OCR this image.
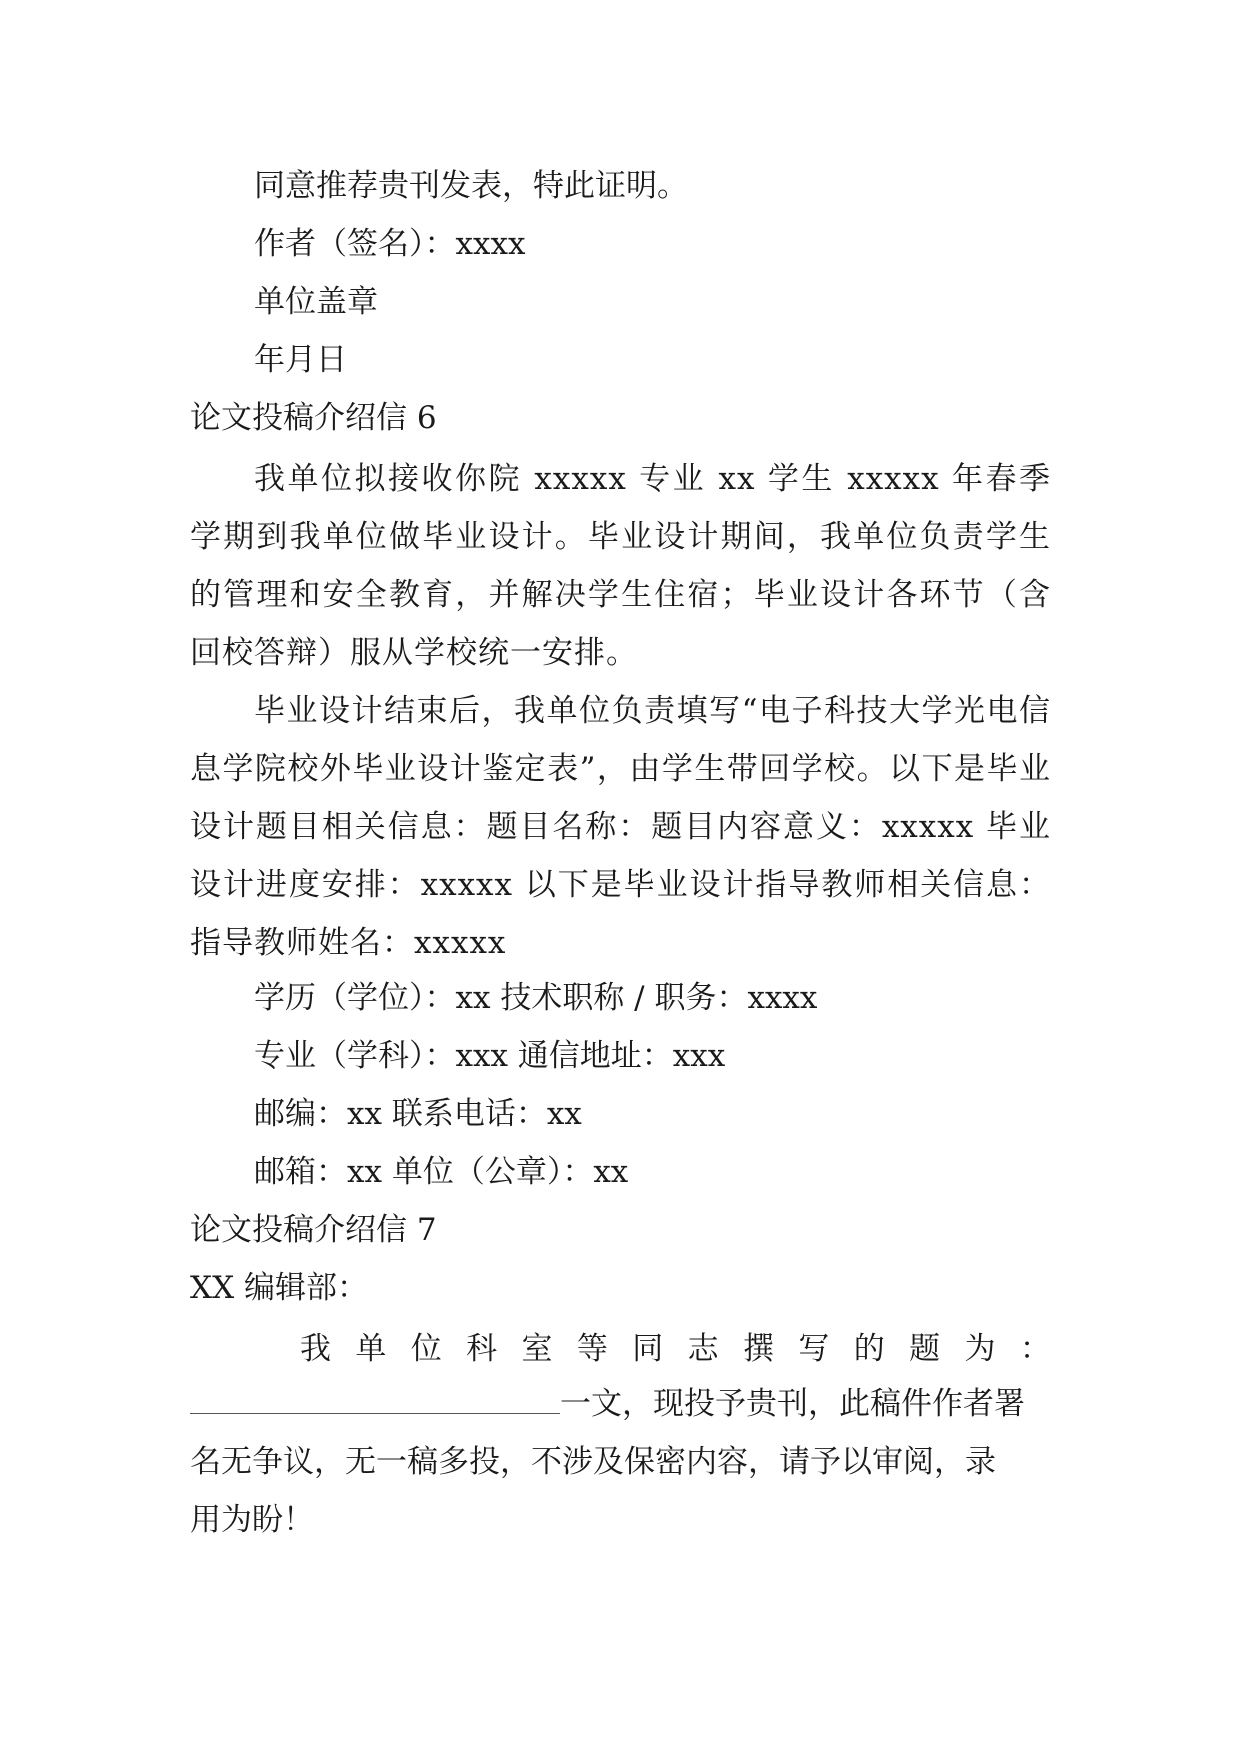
同意推荐贵刊发表，特此证明。
作者（签名）：xxxx
单位盖章
年月日
论文投稿介绍信 6

我单位拟接收你院 xxxxx 专业 xx 学生 xxxxx 年春季学期到我单位做毕业设计。毕业设计期间，我单位负责学生的管理和安全教育，并解决学生住宿；毕业设计各环节（含回校答辩）服从学校统一安排。

毕业设计结束后，我单位负责填写“电子科技大学光电信息学院校外毕业设计鉴定表”，由学生带回学校。以下是毕业设计题目相关信息：题目名称：题目内容意义：xxxxx 毕业设计进度安排：xxxxx 以下是毕业设计指导教师相关信息：指导教师姓名：xxxxx

学历（学位）：xx 技术职称 / 职务：xxxx
专业（学科）：xxx 通信地址：xxx
邮编：xx 联系电话：xx
邮箱：xx 单位（公章）：xx
论文投稿介绍信 7
XX 编辑部：
我 单 位 科 室 等 同 志 撰 写 的 题 为 ：
一文，现投予贵刊，此稿件作者署
名无争议，无一稿多投，不涉及保密内容，请予以审阅，录
用为盼！
